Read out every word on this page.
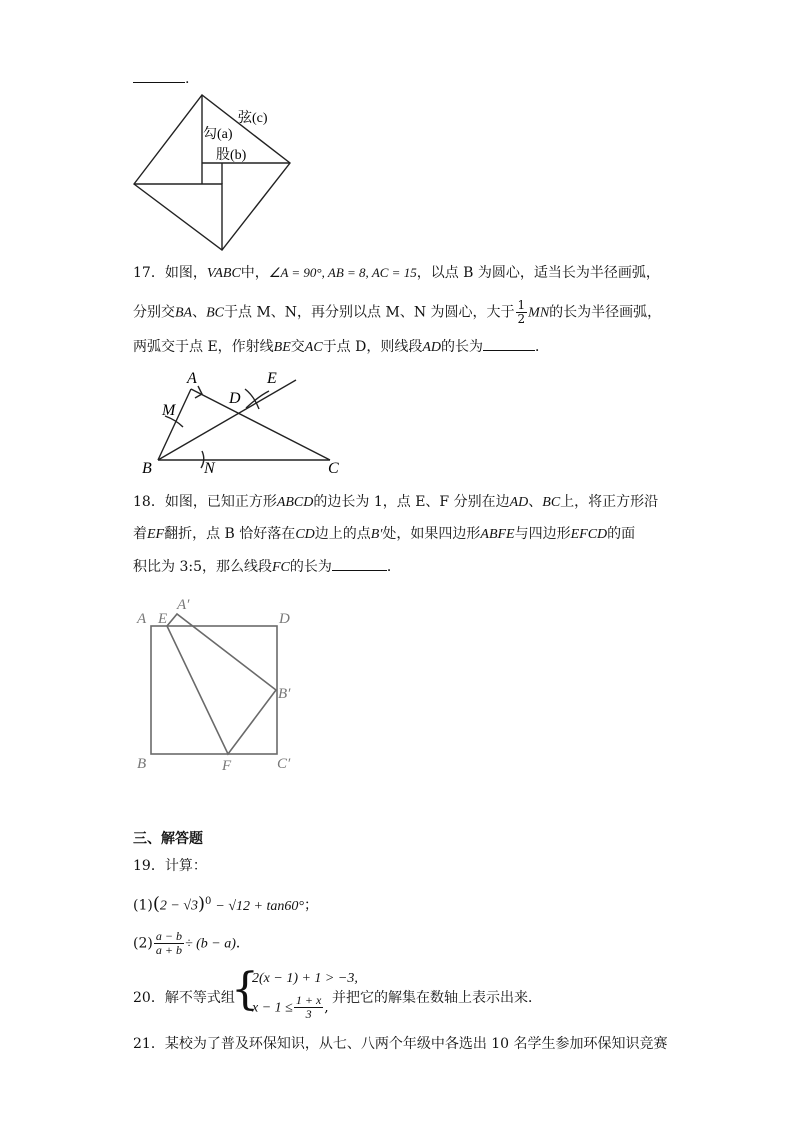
.
弦(c)
勾(a)
股(b)
17．如图，VABC中，∠A = 90°, AB = 8, AC = 15，以点 B 为圆心，适当长为半径画弧，
分别交BA、BC于点 M、N，再分别以点 M、N 为圆心，大于 $\frac{1}{2}$ MN的长为半径画弧，
两弧交于点 E，作射线BE交AC于点 D，则线段AD的长为	．
A
M
D
E
B	N	C
18．如图，已知正方形ABCD的边长为 1，点 E、F 分别在边AD、BC上，将正方形沿
着EF翻折，点 B 恰好落在CD边上的点B′处，如果四边形ABFE与四边形EFCD的面
积比为 3:5，那么线段FC的长为	．
A E
A′
D
B′
B	F	C′
三、解答题
19．计算：
$(1)(2 - √3)^0 - √12 + \tan 60^\circ$；
$(2) \frac{a - b}{a + b} \div (b - a)$．
20．解不等式组
{
2(x − 1) + 1 > −3,
$x - 1 \le \frac{1 + x}{3}$ ,
并把它的解集在数轴上表示出来．
21．某校为了普及环保知识，从七、八两个年级中各选出 10 名学生参加环保知识竞赛
